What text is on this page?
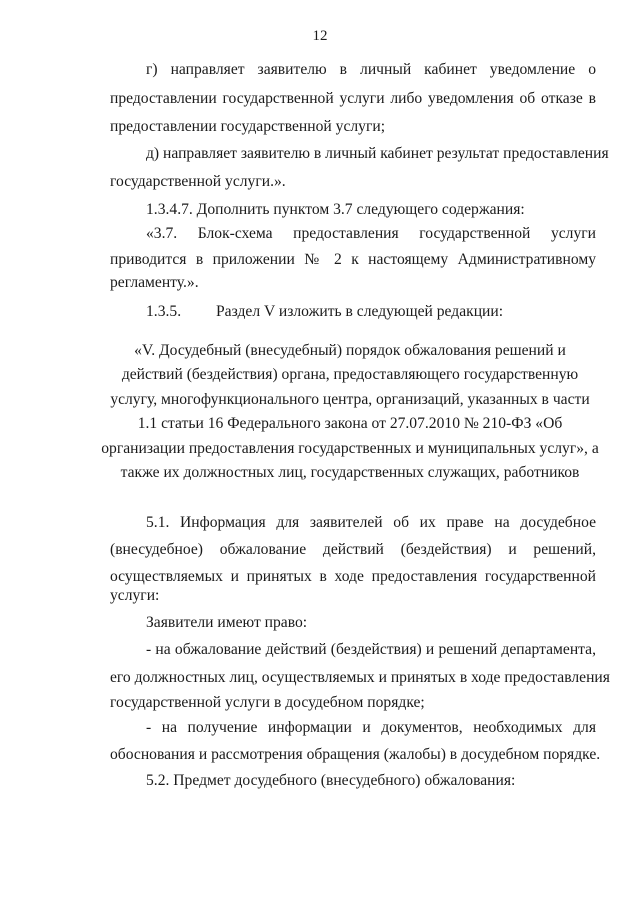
12
г) направляет заявителю в личный кабинет уведомление о
предоставлении государственной услуги либо уведомления об отказе в
предоставлении государственной услуги;
д) направляет заявителю в личный кабинет результат предоставления
государственной услуги.».
1.3.4.7. Дополнить пунктом 3.7 следующего содержания:
«3.7. Блок-схема предоставления государственной услуги
приводится в приложении № 2 к настоящему Административному
регламенту.».
1.3.5. Раздел V изложить в следующей редакции:
«V. Досудебный (внесудебный) порядок обжалования решений и
действий (бездействия) органа, предоставляющего государственную
услугу, многофункционального центра, организаций, указанных в части
1.1 статьи 16 Федерального закона от 27.07.2010 № 210-ФЗ «Об
организации предоставления государственных и муниципальных услуг», а
также их должностных лиц, государственных служащих, работников
5.1. Информация для заявителей об их праве на досудебное
(внесудебное) обжалование действий (бездействия) и решений,
осуществляемых и принятых в ходе предоставления государственной
услуги:
Заявители имеют право:
- на обжалование действий (бездействия) и решений департамента,
его должностных лиц, осуществляемых и принятых в ходе предоставления
государственной услуги в досудебном порядке;
- на получение информации и документов, необходимых для
обоснования и рассмотрения обращения (жалобы) в досудебном порядке.
5.2. Предмет досудебного (внесудебного) обжалования:
